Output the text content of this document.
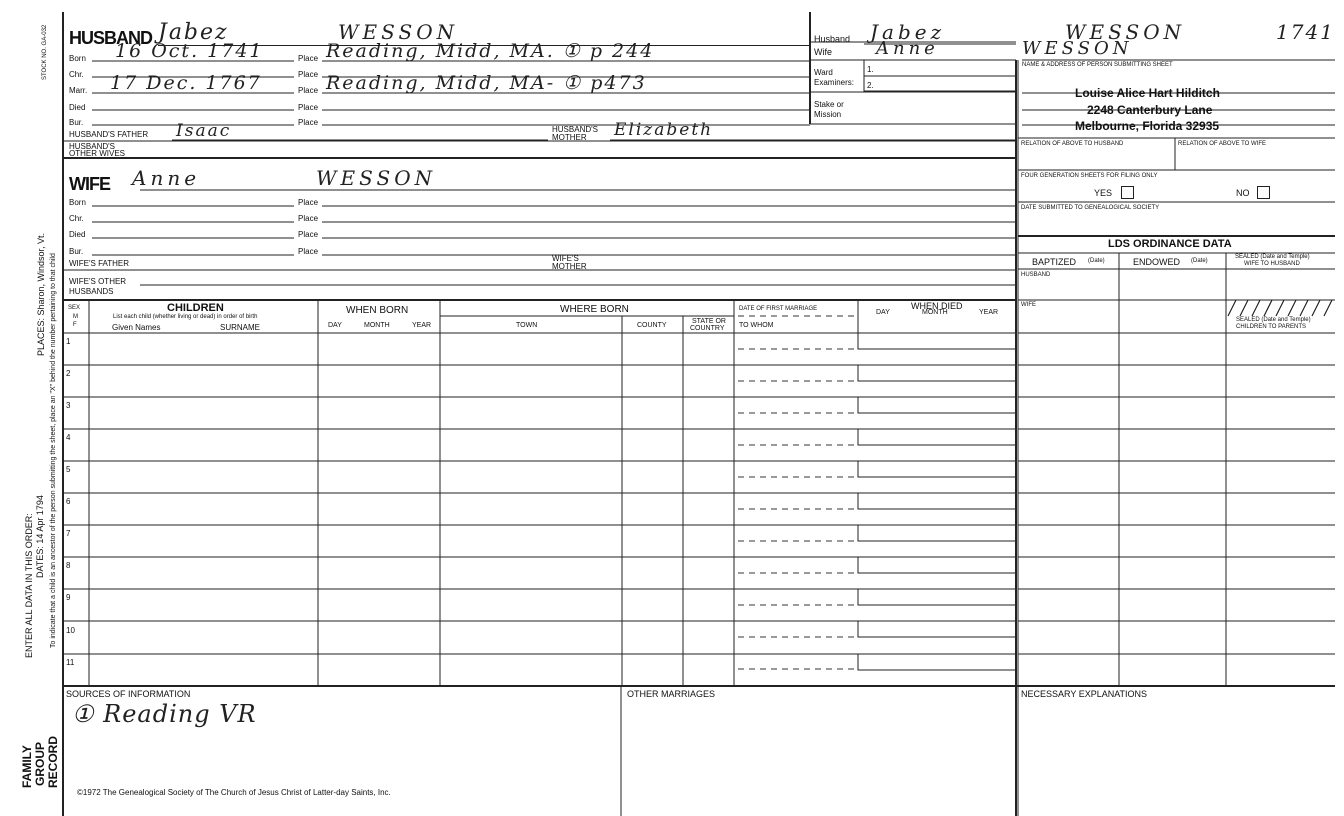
STOCK NO. GA-032
PLACES: Sharon, Windsor, Vt.
ENTER ALL DATA IN THIS ORDER: DATES: 14 Apr 1794 To indicate that a child is an ancestor of the person submitting the sheet, place an "X" behind the number pertaining to that child
FAMILY GROUP RECORD
HUSBAND Jabez	WESSON
Born 16 Oct. 1741	Place Reading, Midd, MA. ① p 244
Chr.	Place
Marr. 17 Dec. 1767	Place Reading, Midd, MA- ① p473
Died	Place
Bur.	Place
HUSBAND'S FATHER Isaac	HUSBAND'S
MOTHER Elizabeth
HUSBAND'S
OTHER WIVES
WIFE Anne	WESSON
Born	Place
Chr.	Place
Died	Place
Bur.	Place
WIFE'S FATHER
WIFE'S
MOTHER
WIFE'S OTHER
HUSBANDS
Husband Jabez	WESSON	1741
Wife Anne	WESSON
Ward
Examiners:
1.
2.
Stake or
Mission
NAME & ADDRESS OF PERSON SUBMITTING SHEET
Louise Alice Hart Hilditch
2248 Canterbury Lane
Melbourne, Florida 32935
RELATION OF ABOVE TO HUSBAND	RELATION OF ABOVE TO WIFE
FOUR GENERATION SHEETS FOR FILING ONLY
YES	NO
DATE SUBMITTED TO GENEALOGICAL SOCIETY
LDS ORDINANCE DATA
BAPTIZED (Date)	ENDOWED (Date)
SEALED (Date and Temple)
WIFE TO HUSBAND
HUSBAND
WIFE
SEALED (Date and Temple)
CHILDREN TO PARENTS
SEX
M
F
CHILDREN
List each child (whether living or dead) in order of birth
Given Names	SURNAME
WHEN BORN
DAY	MONTH	YEAR
WHERE BORN
TOWN	COUNTY
STATE OR
COUNTRY
DATE OF FIRST MARRIAGE
TO WHOM
WHEN DIED
DAY	MONTH	YEAR
1
2
3
4
5
6
7
8
9
10
11
SOURCES OF INFORMATION
① Reading VR
OTHER MARRIAGES	NECESSARY EXPLANATIONS
©1972 The Genealogical Society of The Church of Jesus Christ of Latter-day Saints, Inc.
